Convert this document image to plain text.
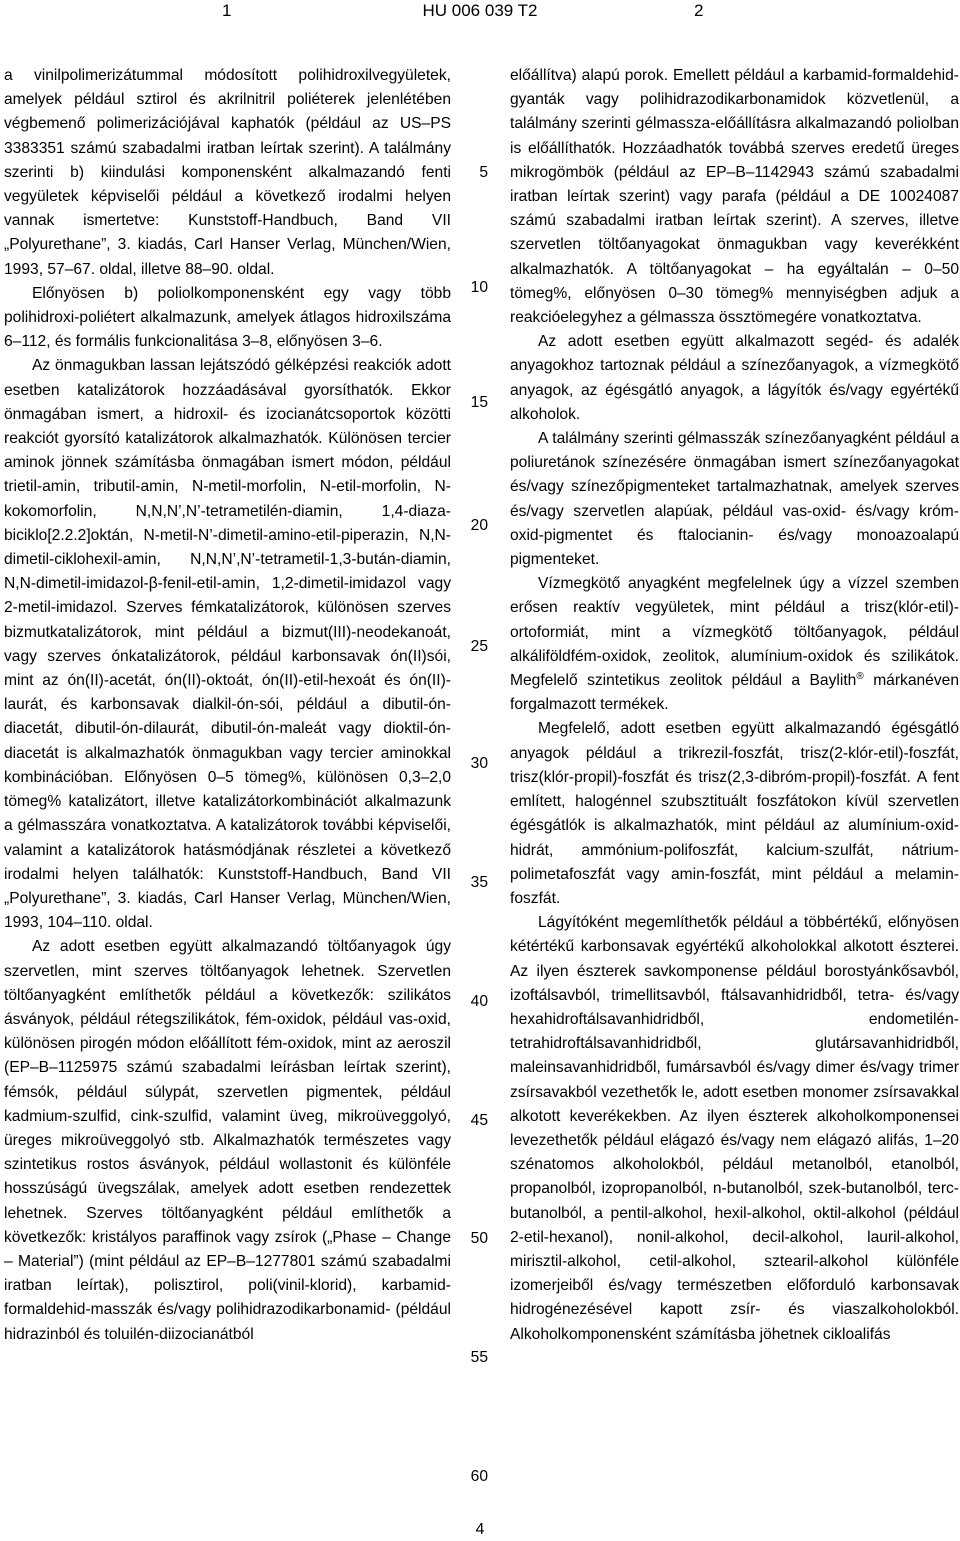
1	HU 006 039 T2	2

a vinilpolimerizátummal módosított polihidroxilvegyületek, amelyek például sztirol és akrilnitril poliéterek jelenlétében végbemenő polimerizációjával kaphatók (például az US–PS 3383351 számú szabadalmi iratban leírtak szerint). A találmány szerinti b) kiindulási komponensként alkalmazandó fenti vegyületek képviselői például a következő irodalmi helyen vannak ismertetve: Kunststoff-Handbuch, Band VII „Polyurethane”, 3. kiadás, Carl Hanser Verlag, München/Wien, 1993, 57–67. oldal, illetve 88–90. oldal.

Előnyösen b) poliolkomponensként egy vagy több polihidroxi-poliétert alkalmazunk, amelyek átlagos hidroxilszáma 6–112, és formális funkcionalitása 3–8, előnyösen 3–6.

Az önmagukban lassan lejátszódó gélképzési reakciók adott esetben katalizátorok hozzáadásával gyorsíthatók. Ekkor önmagában ismert, a hidroxil- és izocianátcsoportok közötti reakciót gyorsító katalizátorok alkalmazhatók. Különösen tercier aminok jönnek számításba önmagában ismert módon, például trietil-amin, tributil-amin, N-metil-morfolin, N-etil-morfolin, N-kokomorfolin, N,N,N’,N’-tetrametilén-diamin, 1,4-diaza-biciklo[2.2.2]oktán, N-metil-N’-dimetil-amino-etil-piperazin, N,N-dimetil-ciklohexil-amin, N,N,N’,N’-tetrametil-1,3-bután-diamin, N,N-dimetil-imidazol-β-fenil-etil-amin, 1,2-dimetil-imidazol vagy 2-metil-imidazol. Szerves fémkatalizátorok, különösen szerves bizmutkatalizátorok, mint például a bizmut(III)-neodekanoát, vagy szerves ónkatalizátorok, például karbonsavak ón(II)sói, mint az ón(II)-acetát, ón(II)-oktoát, ón(II)-etil-hexoát és ón(II)-laurát, és karbonsavak dialkil-ón-sói, például a dibutil-ón-diacetát, dibutil-ón-dilaurát, dibutil-ón-maleát vagy dioktil-ón-diacetát is alkalmazhatók önmagukban vagy tercier aminokkal kombinációban. Előnyösen 0–5 tömeg%, különösen 0,3–2,0 tömeg% katalizátort, illetve katalizátorkombinációt alkalmazunk a gélmasszára vonatkoztatva. A katalizátorok további képviselői, valamint a katalizátorok hatásmódjának részletei a következő irodalmi helyen találhatók: Kunststoff-Handbuch, Band VII „Polyurethane”, 3. kiadás, Carl Hanser Verlag, München/Wien, 1993, 104–110. oldal.

Az adott esetben együtt alkalmazandó töltőanyagok úgy szervetlen, mint szerves töltőanyagok lehetnek. Szervetlen töltőanyagként említhetők például a következők: szilikátos ásványok, például rétegszilikátok, fém-oxidok, például vas-oxid, különösen pirogén módon előállított fém-oxidok, mint az aeroszil (EP–B–1125975 számú szabadalmi leírásban leírtak szerint), fémsók, például súlypát, szervetlen pigmentek, például kadmium-szulfid, cink-szulfid, valamint üveg, mikroüveggolyó, üreges mikroüveggolyó stb. Alkalmazhatók természetes vagy szintetikus rostos ásványok, például wollastonit és különféle hosszúságú üvegszálak, amelyek adott esetben rendezettek lehetnek. Szerves töltőanyagként például említhetők a következők: kristályos paraffinok vagy zsírok („Phase – Change – Material”) (mint például az EP–B–1277801 számú szabadalmi iratban leírtak), polisztirol, poli(vinil-klorid), karbamid-formaldehid-masszák és/vagy polihidrazodikarbonamid- (például hidrazinból és toluilén-diizocianátból

előállítva) alapú porok. Emellett például a karbamid-formaldehid-gyanták vagy polihidrazodikarbonamidok közvetlenül, a találmány szerinti gélmassza-előállításra alkalmazandó poliolban is előállíthatók. Hozzáadhatók továbbá szerves eredetű üreges mikrogömbök (például az EP–B–1142943 számú szabadalmi iratban leírtak szerint) vagy parafa (például a DE 10024087 számú szabadalmi iratban leírtak szerint). A szerves, illetve szervetlen töltőanyagokat önmagukban vagy keverékként alkalmazhatók. A töltőanyagokat – ha egyáltalán – 0–50 tömeg%, előnyösen 0–30 tömeg% mennyiségben adjuk a reakcióelegyhez a gélmassza össztömegére vonatkoztatva.

Az adott esetben együtt alkalmazott segéd- és adalék anyagokhoz tartoznak például a színezőanyagok, a vízmegkötő anyagok, az égésgátló anyagok, a lágyítók és/vagy egyértékű alkoholok.

A találmány szerinti gélmasszák színezőanyagként például a poliuretánok színezésére önmagában ismert színezőanyagokat és/vagy színezőpigmenteket tartalmazhatnak, amelyek szerves és/vagy szervetlen alapúak, például vas-oxid- és/vagy króm-oxid-pigmentet és ftalocianin- és/vagy monoazoalapú pigmenteket.

Vízmegkötő anyagként megfelelnek úgy a vízzel szemben erősen reaktív vegyületek, mint például a trisz(klór-etil)-ortoformiát, mint a vízmegkötő töltőanyagok, például alkáliföldfém-oxidok, zeolitok, alumínium-oxidok és szilikátok. Megfelelő szintetikus zeolitok például a Baylith® márkanéven forgalmazott termékek.

Megfelelő, adott esetben együtt alkalmazandó égésgátló anyagok például a trikrezil-foszfát, trisz(2-klór-etil)-foszfát, trisz(klór-propil)-foszfát és trisz(2,3-dibróm-propil)-foszfát. A fent említett, halogénnel szubsztituált foszfátokon kívül szervetlen égésgátlók is alkalmazhatók, mint például az alumínium-oxid-hidrát, ammónium-polifoszfát, kalcium-szulfát, nátrium-polimetafoszfát vagy amin-foszfát, mint például a melamin-foszfát.

Lágyítóként megemlíthetők például a többértékű, előnyösen kétértékű karbonsavak egyértékű alkoholokkal alkotott észterei. Az ilyen észterek savkomponense például borostyánkősavból, izoftálsavból, trimellitsavból, ftálsavanhidridből, tetra- és/vagy hexahidroftálsavanhidridből, endometilén-tetrahidroftálsavanhidridből, glutársavanhidridből, maleinsavanhidridből, fumársavból és/vagy dimer és/vagy trimer zsírsavakból vezethetők le, adott esetben monomer zsírsavakkal alkotott keverékekben. Az ilyen észterek alkoholkomponensei levezethetők például elágazó és/vagy nem elágazó alifás, 1–20 szénatomos alkoholokból, például metanolból, etanolból, propanolból, izopropanolból, n-butanolból, szek-butanolból, terc-butanolból, a pentil-alkohol, hexil-alkohol, oktil-alkohol (például 2-etil-hexanol), nonil-alkohol, decil-alkohol, lauril-alkohol, mirisztil-alkohol, cetil-alkohol, sztearil-alkohol különféle izomerjeiből és/vagy természetben előforduló karbonsavak hidrogénezésével kapott zsír- és viaszalkoholokból. Alkoholkomponensként számításba jöhetnek cikloalifás

5
10
15
20
25
30
35
40
45
50
55
60
4
